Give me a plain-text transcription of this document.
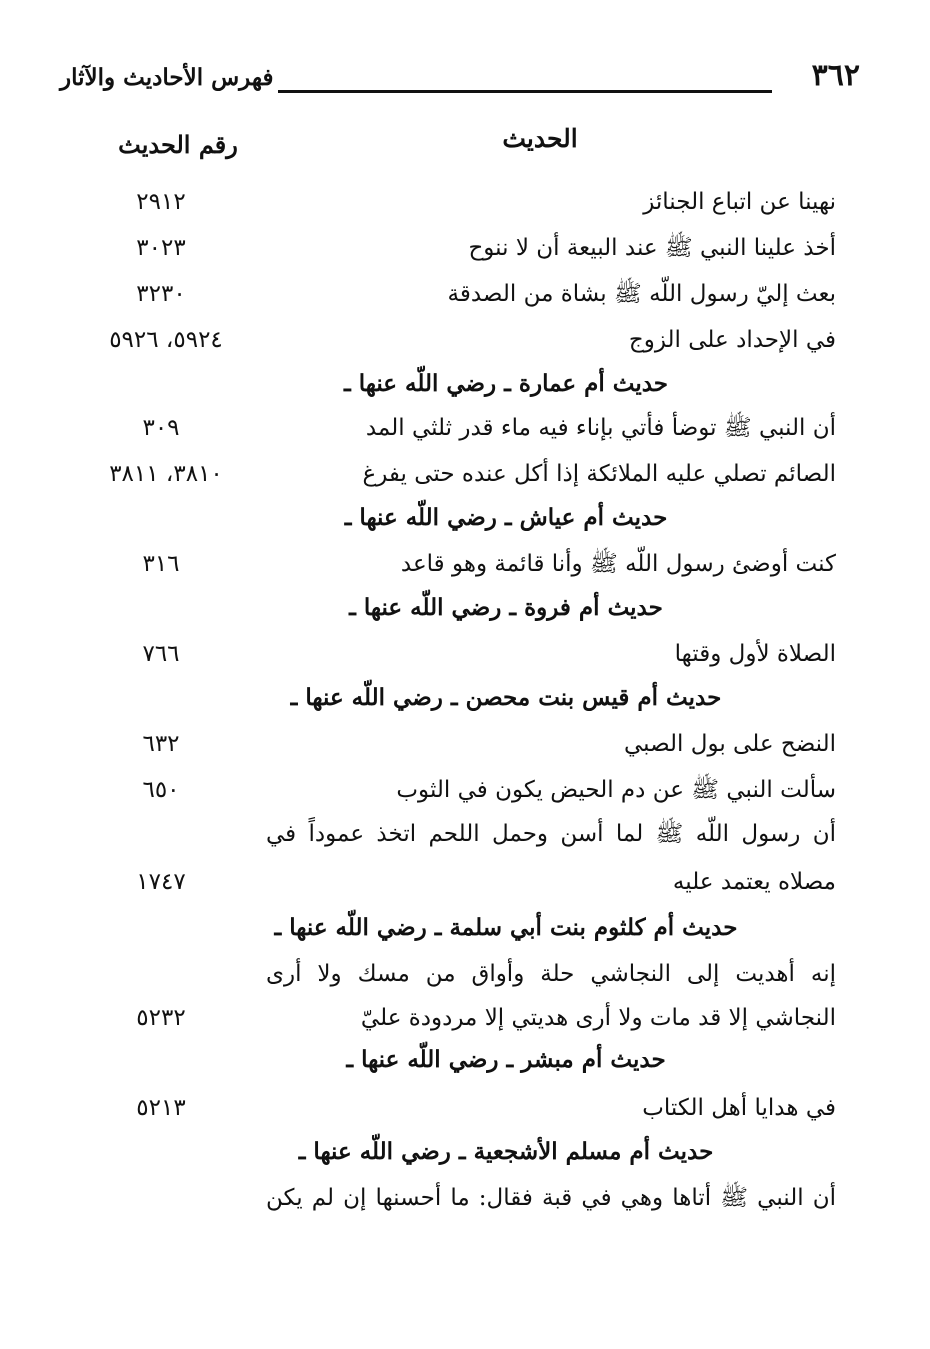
٣٦٢
فهرس الأحاديث والآثار
الحديث
رقم الحديث
نهينا عن اتباع الجنائز
٢٩١٢
أخذ علينا النبي ﷺ عند البيعة أن لا ننوح
٣٠٢٣
بعث إليّ رسول اللّه ﷺ بشاة من الصدقة
٣٢٣٠
في الإحداد على الزوج
٥٩٢٤، ٥٩٢٦
حديث أم عمارة ـ رضي اللّه عنها ـ
أن النبي ﷺ توضأ فأتي بإناء فيه ماء قدر ثلثي المد
٣٠٩
الصائم تصلي عليه الملائكة إذا أكل عنده حتى يفرغ
٣٨١٠، ٣٨١١
حديث أم عياش ـ رضي اللّه عنها ـ
كنت أوضئ رسول اللّه ﷺ وأنا قائمة وهو قاعد
٣١٦
حديث أم فروة ـ رضي اللّه عنها ـ
الصلاة لأول وقتها
٧٦٦
حديث أم قيس بنت محصن ـ رضي اللّه عنها ـ
النضح على بول الصبي
٦٣٢
سألت النبي ﷺ عن دم الحيض يكون في الثوب
٦٥٠
أن رسول اللّه ﷺ لما أسن وحمل اللحم اتخذ عموداً في
مصلاه يعتمد عليه
١٧٤٧
حديث أم كلثوم بنت أبي سلمة ـ رضي اللّه عنها ـ
إنه أهديت إلى النجاشي حلة وأواق من مسك ولا أرى
النجاشي إلا قد مات ولا أرى هديتي إلا مردودة عليّ
٥٢٣٢
حديث أم مبشر ـ رضي اللّه عنها ـ
في هدايا أهل الكتاب
٥٢١٣
حديث أم مسلم الأشجعية ـ رضي اللّه عنها ـ
أن النبي ﷺ أتاها وهي في قبة فقال: ما أحسنها إن لم يكن
